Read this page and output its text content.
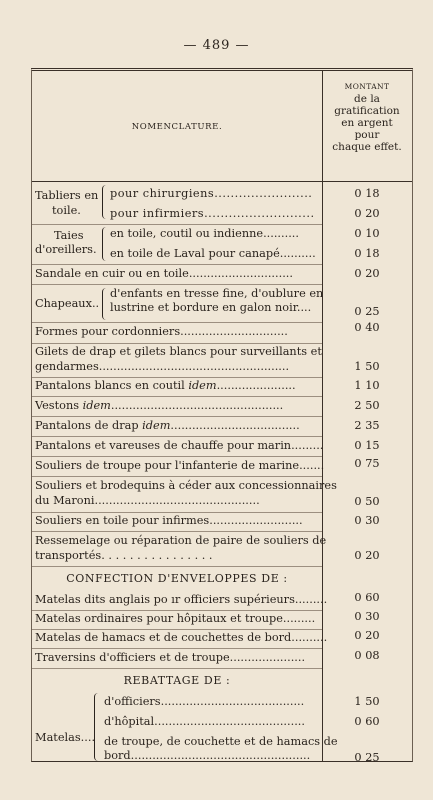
— 489 —
NOMENCLATURE.
MONTANT
de la
gratification
en argent
pour
chaque effet.
Tabliers en
toile.
pour chirurgiens........................	0 18
pour infirmiers...........................	0 20
Taies
d'oreillers.
en toile, coutil ou indienne..........	0 10
en toile de Laval pour canapé..........	0 18
Sandale en cuir ou en toile.............................	0 20
Chapeaux..
d'enfants en tresse fine, d'oublure en
lustrine et bordure en galon noir....	0 25
Formes pour cordonniers..............................	0 40
Gilets de drap et gilets blancs pour surveillants et
gendarmes.....................................................	1 50
Pantalons blancs en coutil idem......................	1 10
Vestons idem................................................	2 50
Pantalons de drap idem....................................	2 35
Pantalons et vareuses de chauffe pour marin.........	0 15
Souliers de troupe pour l'infanterie de marine.......	0 75
Souliers et brodequins à céder aux concessionnaires
du Maroni..............................................	0 50
Souliers en toile pour infirmes..........................	0 30
Ressemelage ou réparation de paire de souliers de
transportés. . . . . . . . . . . . . . . .	0 20
CONFECTION D'ENVELOPPES DE :
Matelas dits anglais po ır officiers supérieurs.........	0 60
Matelas ordinaires pour hôpitaux et troupe.........	0 30
Matelas de hamacs et de couchettes de bord..........	0 20
Traversins d'officiers et de troupe.....................	0 08
REBATTAGE DE :
Matelas....
d'officiers........................................	1 50
d'hôpital..........................................	0 60
de troupe, de couchette et de hamacs de
bord..................................................	0 25
